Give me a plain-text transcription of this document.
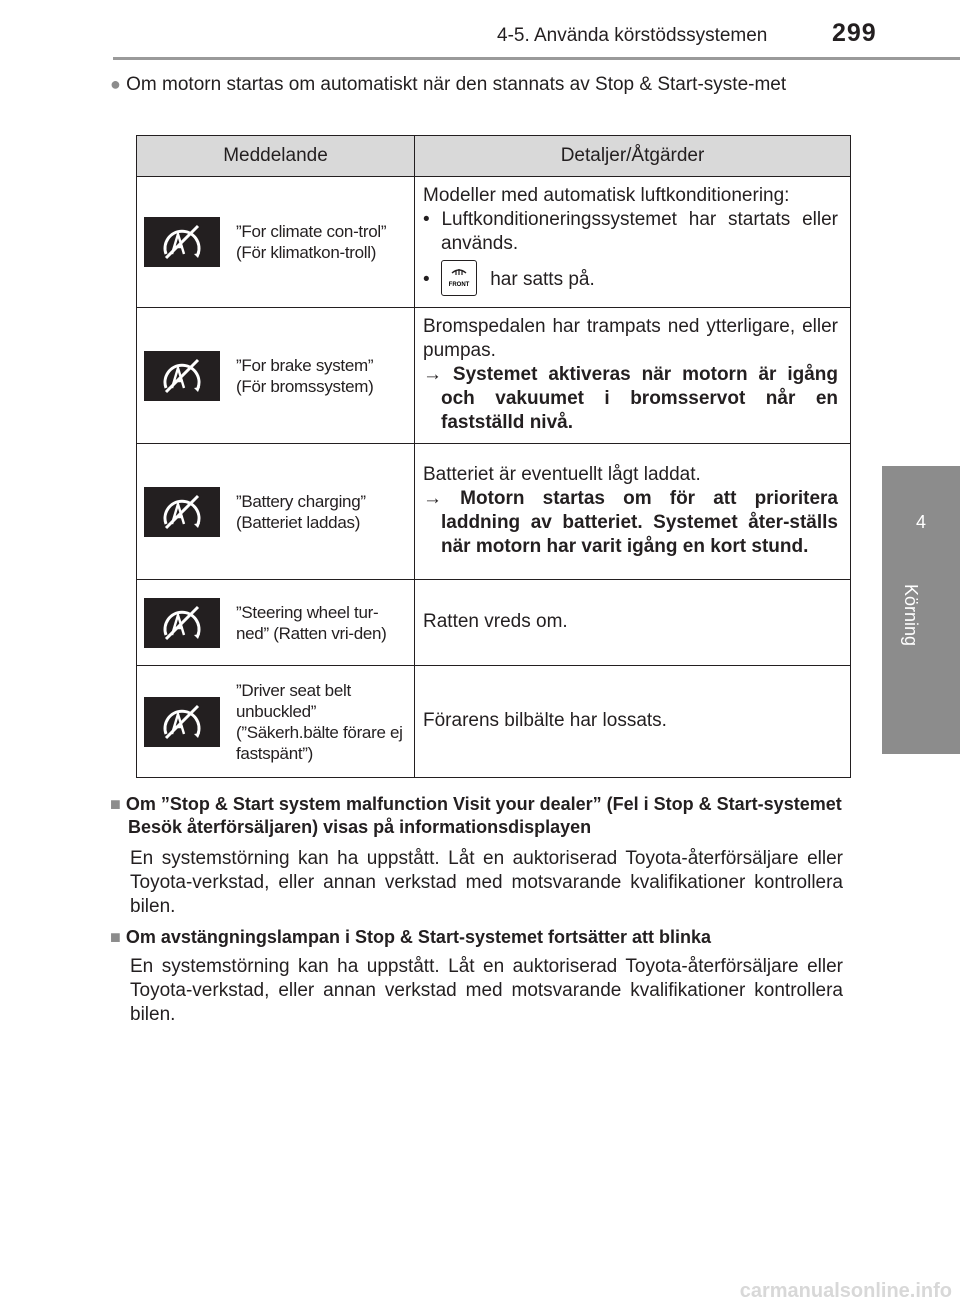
4-5. Använda körstödssystemen	299
4
Körning
● Om motorn startas om automatiskt när den stannats av Stop & Start-syste-met
Meddelande	Detaljer/Åtgärder

”For climate con-trol” (För klimatkon-troll)	Modeller med automatisk luftkonditionering:
• Luftkonditioneringssystemet har startats eller används.
• FRONT har satts på.

”For brake system” (För bromssystem)	Bromspedalen har trampats ned ytterligare, eller pumpas.
→ Systemet aktiveras när motorn är igång och vakuumet i bromsservot når en fastställd nivå.

”Battery charging” (Batteriet laddas)	Batteriet är eventuellt lågt laddat.
→ Motorn startas om för att prioritera laddning av batteriet. Systemet åter-ställs när motorn har varit igång en kort stund.

”Steering wheel tur-ned” (Ratten vri-den)	Ratten vreds om.

”Driver seat belt unbuckled” (”Säkerh.bälte förare ej fastspänt”)	Förarens bilbälte har lossats.
■ Om ”Stop & Start system malfunction Visit your dealer” (Fel i Stop & Start-systemet Besök återförsäljaren) visas på informationsdisplayen
En systemstörning kan ha uppstått. Låt en auktoriserad Toyota-återförsäljare eller Toyota-verkstad, eller annan verkstad med motsvarande kvalifikationer kontrollera bilen.
■ Om avstängningslampan i Stop & Start-systemet fortsätter att blinka
En systemstörning kan ha uppstått. Låt en auktoriserad Toyota-återförsäljare eller Toyota-verkstad, eller annan verkstad med motsvarande kvalifikationer kontrollera bilen.
carmanualsonline.info
